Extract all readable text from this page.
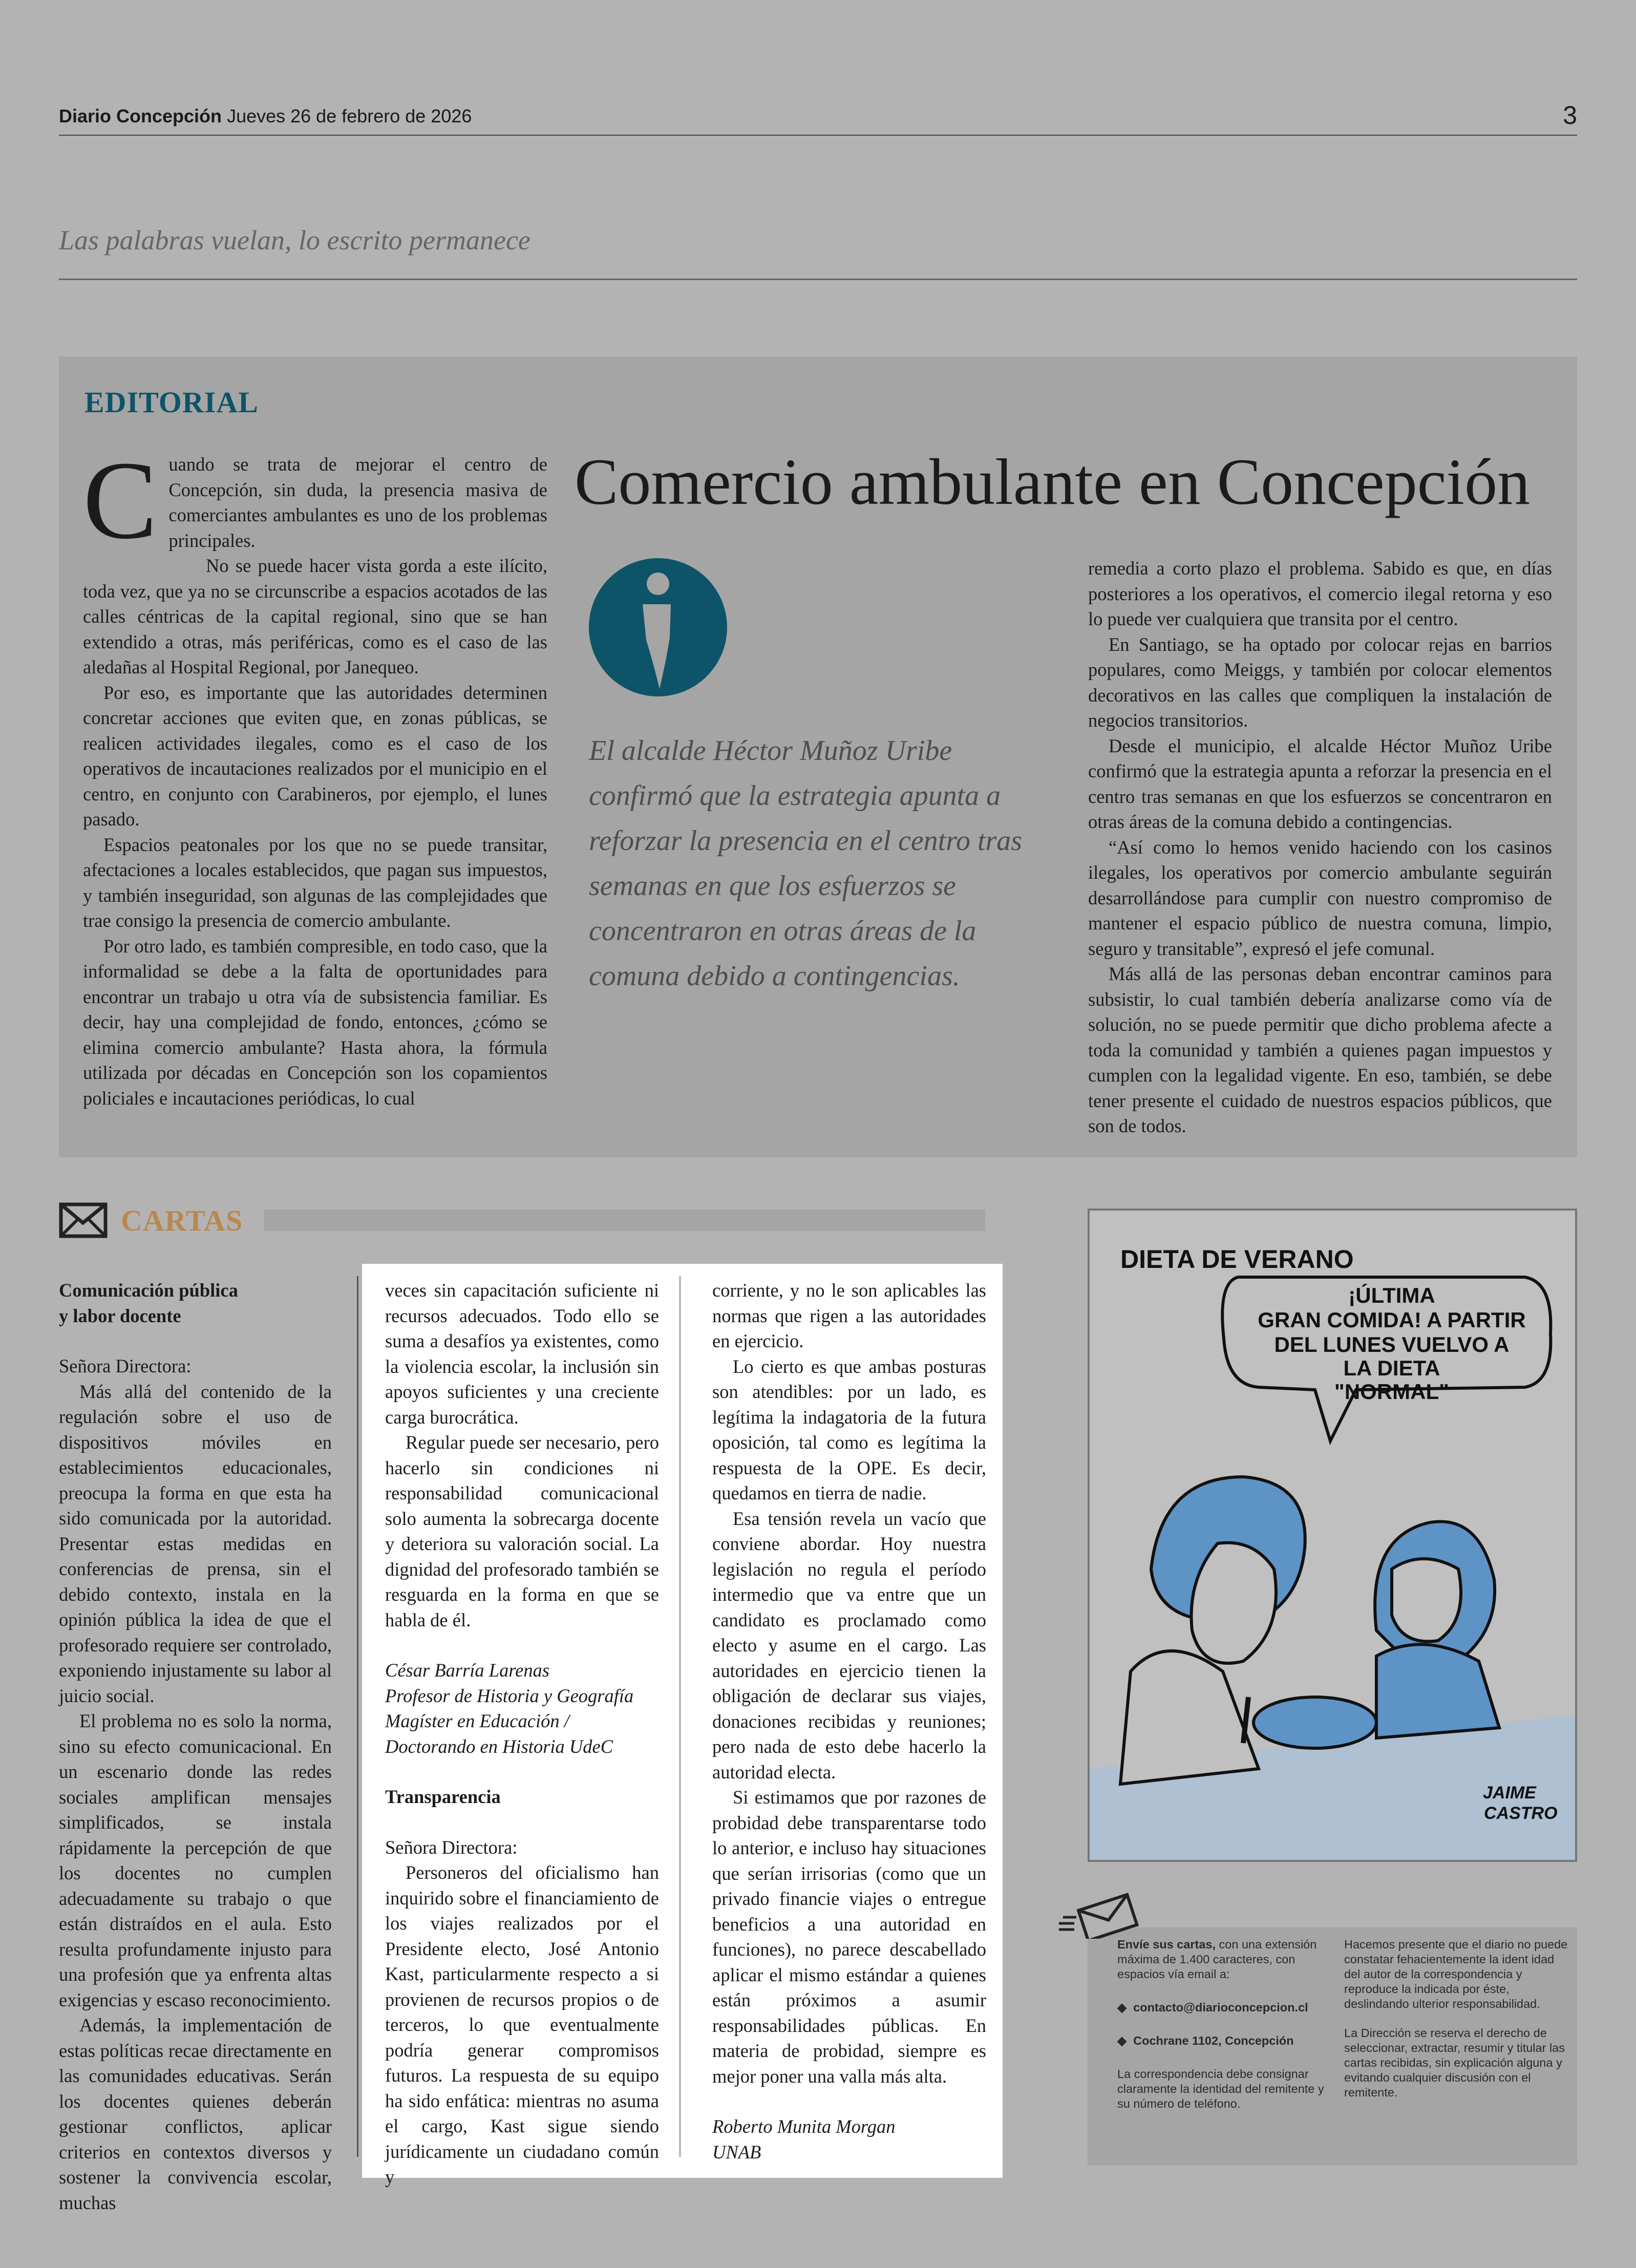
Diario Concepción Jueves 26 de febrero de 2026	3
Las palabras vuelan, lo escrito permanece
EDITORIAL
Comercio ambulante en Concepción

Cuando se trata de mejorar el centro de Concepción, sin duda, la presencia masiva de comerciantes ambulantes es uno de los problemas principales.

No se puede hacer vista gorda a este ilícito, toda vez, que ya no se circunscribe a espacios acotados de las calles céntricas de la capital regional, sino que se han extendido a otras, más periféricas, como es el caso de las aledañas al Hospital Regional, por Janequeo.

Por eso, es importante que las autoridades determinen concretar acciones que eviten que, en zonas públicas, se realicen actividades ilegales, como es el caso de los operativos de incautaciones realizados por el municipio en el centro, en conjunto con Carabineros, por ejemplo, el lunes pasado.

Espacios peatonales por los que no se puede transitar, afectaciones a locales establecidos, que pagan sus impuestos, y también inseguridad, son algunas de las complejidades que trae consigo la presencia de comercio ambulante.

Por otro lado, es también compresible, en todo caso, que la informalidad se debe a la falta de oportunidades para encontrar un trabajo u otra vía de subsistencia familiar. Es decir, hay una complejidad de fondo, entonces, ¿cómo se elimina comercio ambulante? Hasta ahora, la fórmula utilizada por décadas en Concepción son los copamientos policiales e incautaciones periódicas, lo cual

El alcalde Héctor Muñoz Uribe confirmó que la estrategia apunta a reforzar la presencia en el centro tras semanas en que los esfuerzos se concentraron en otras áreas de la comuna debido a contingencias.

remedia a corto plazo el problema. Sabido es que, en días posteriores a los operativos, el comercio ilegal retorna y eso lo puede ver cualquiera que transita por el centro.

En Santiago, se ha optado por colocar rejas en barrios populares, como Meiggs, y también por colocar elementos decorativos en las calles que compliquen la instalación de negocios transitorios.

Desde el municipio, el alcalde Héctor Muñoz Uribe confirmó que la estrategia apunta a reforzar la presencia en el centro tras semanas en que los esfuerzos se concentraron en otras áreas de la comuna debido a contingencias.

“Así como lo hemos venido haciendo con los casinos ilegales, los operativos por comercio ambulante seguirán desarrollándose para cumplir con nuestro compromiso de mantener el espacio público de nuestra comuna, limpio, seguro y transitable”, expresó el jefe comunal.

Más allá de las personas deban encontrar caminos para subsistir, lo cual también debería analizarse como vía de solución, no se puede permitir que dicho problema afecte a toda la comunidad y también a quienes pagan impuestos y cumplen con la legalidad vigente. En eso, también, se debe tener presente el cuidado de nuestros espacios públicos, que son de todos.

CARTAS

Comunicación pública
y labor docente

Señora Directora:

Más allá del contenido de la regulación sobre el uso de dispositivos móviles en establecimientos educacionales, preocupa la forma en que esta ha sido comunicada por la autoridad. Presentar estas medidas en conferencias de prensa, sin el debido contexto, instala en la opinión pública la idea de que el profesorado requiere ser controlado, exponiendo injustamente su labor al juicio social.

El problema no es solo la norma, sino su efecto comunicacional. En un escenario donde las redes sociales amplifican mensajes simplificados, se instala rápidamente la percepción de que los docentes no cumplen adecuadamente su trabajo o que están distraídos en el aula. Esto resulta profundamente injusto para una profesión que ya enfrenta altas exigencias y escaso reconocimiento.

Además, la implementación de estas políticas recae directamente en las comunidades educativas. Serán los docentes quienes deberán gestionar conflictos, aplicar criterios en contextos diversos y sostener la convivencia escolar, muchas

veces sin capacitación suficiente ni recursos adecuados. Todo ello se suma a desafíos ya existentes, como la violencia escolar, la inclusión sin apoyos suficientes y una creciente carga burocrática.

Regular puede ser necesario, pero hacerlo sin condiciones ni responsabilidad comunicacional solo aumenta la sobrecarga docente y deteriora su valoración social. La dignidad del profesorado también se resguarda en la forma en que se habla de él.

César Barría Larenas
Profesor de Historia y Geografía
Magíster en Educación /
Doctorando en Historia UdeC

Transparencia

Señora Directora:

Personeros del oficialismo han inquirido sobre el financiamiento de los viajes realizados por el Presidente electo, José Antonio Kast, particularmente respecto a si provienen de recursos propios o de terceros, lo que eventualmente podría generar compromisos futuros. La respuesta de su equipo ha sido enfática: mientras no asuma el cargo, Kast sigue siendo jurídicamente un ciudadano común y

corriente, y no le son aplicables las normas que rigen a las autoridades en ejercicio.

Lo cierto es que ambas posturas son atendibles: por un lado, es legítima la indagatoria de la futura oposición, tal como es legítima la respuesta de la OPE. Es decir, quedamos en tierra de nadie.

Esa tensión revela un vacío que conviene abordar. Hoy nuestra legislación no regula el período intermedio que va entre que un candidato es proclamado como electo y asume en el cargo. Las autoridades en ejercicio tienen la obligación de declarar sus viajes, donaciones recibidas y reuniones; pero nada de esto debe hacerlo la autoridad electa.

Si estimamos que por razones de probidad debe transparentarse todo lo anterior, e incluso hay situaciones que serían irrisorias (como que un privado financie viajes o entregue beneficios a una autoridad en funciones), no parece descabellado aplicar el mismo estándar a quienes están próximos a asumir responsabilidades públicas. En materia de probidad, siempre es mejor poner una valla más alta.

Roberto Munita Morgan
UNAB

DIETA DE VERANO
¡ÚLTIMA
GRAN COMIDA! A PARTIR
DEL LUNES VUELVO A
LA DIETA
"NORMAL"
JAIME
CASTRO
Envíe sus cartas, con una extensión máxima de 1.400 caracteres, con espacios vía email a:
◆  contacto@diarioconcepcion.cl
◆  Cochrane 1102, Concepción
La correspondencia debe consignar claramente la identidad del remitente y su número de teléfono.
Hacemos presente que el diario no puede constatar fehacientemente la ident idad del autor de la correspondencia y reproduce la indicada por éste, deslindando ulterior responsabilidad.
La Dirección se reserva el derecho de seleccionar, extractar, resumir y titular las cartas recibidas, sin explicación alguna y evitando cualquier discusión con el remitente.
